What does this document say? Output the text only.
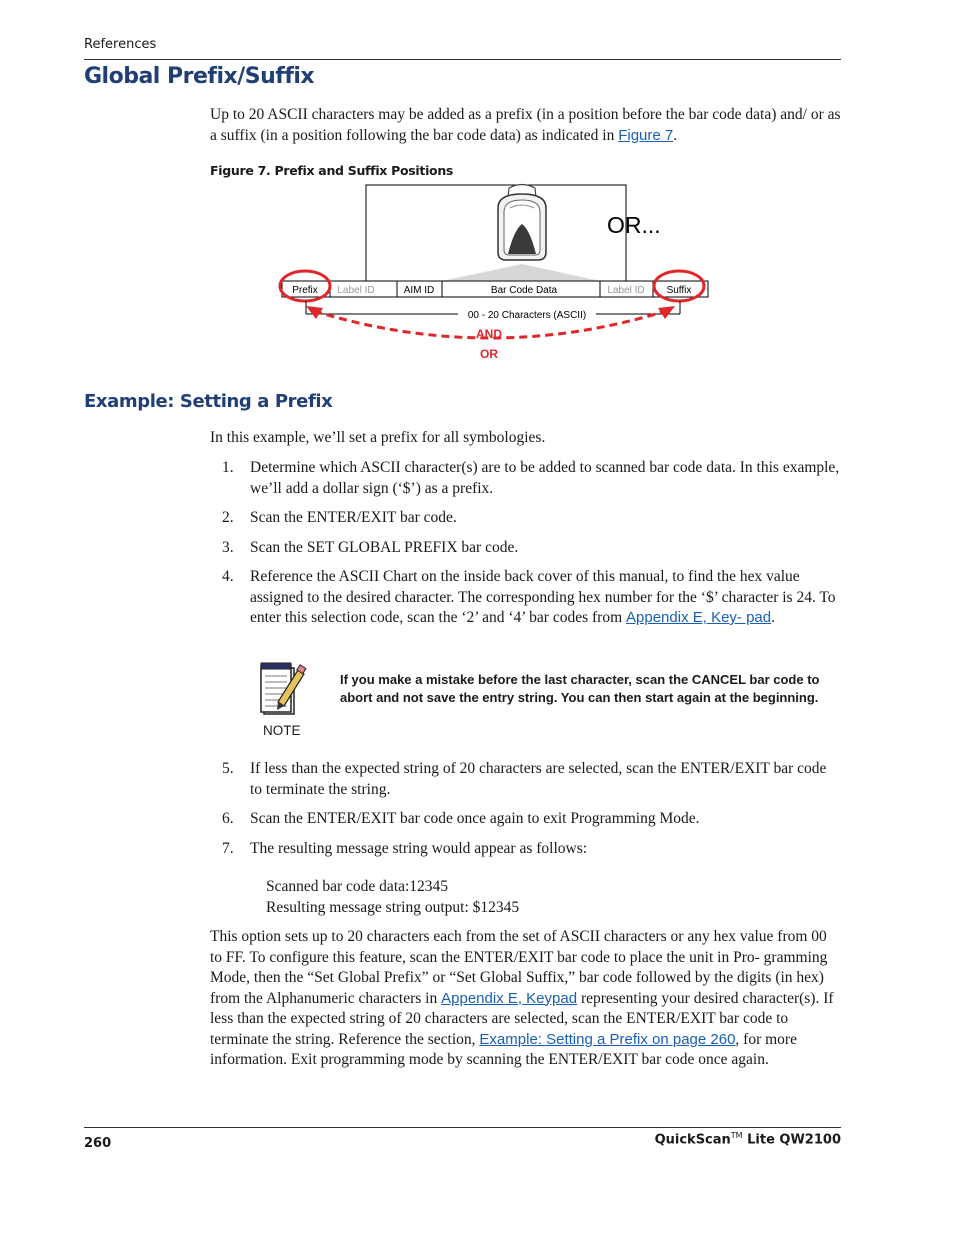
References
Global Prefix/Suffix
Up to 20 ASCII characters may be added as a prefix (in a position before the bar code data) and/ or as a suffix (in a position following the bar code data) as indicated in Figure 7.
Figure 7. Prefix and Suffix Positions
OR...
Prefix Label ID	AIM ID	Bar Code Data	Label ID Suffix
00 - 20 Characters (ASCII)
AND
OR
Example: Setting a Prefix
In this example, we’ll set a prefix for all symbologies.
1. Determine which ASCII character(s) are to be added to scanned bar code data. In this example, we’ll add a dollar sign (‘$’) as a prefix.
2. Scan the ENTER/EXIT bar code.
3. Scan the SET GLOBAL PREFIX bar code.
4. Reference the ASCII Chart on the inside back cover of this manual, to find the hex value assigned to the desired character. The corresponding hex number for the ‘$’ character is 24. To enter this selection code, scan the ‘2’ and ‘4’ bar codes from Appendix E, Key- pad.
NOTE
If you make a mistake before the last character, scan the CANCEL bar code to abort and not save the entry string. You can then start again at the beginning.
5. If less than the expected string of 20 characters are selected, scan the ENTER/EXIT bar code to terminate the string.
6. Scan the ENTER/EXIT bar code once again to exit Programming Mode.
7. The resulting message string would appear as follows:
Scanned bar code data:12345
Resulting message string output: $12345
This option sets up to 20 characters each from the set of ASCII characters or any hex value from 00 to FF. To configure this feature, scan the ENTER/EXIT bar code to place the unit in Pro- gramming Mode, then the “Set Global Prefix” or “Set Global Suffix,” bar code followed by the digits (in hex) from the Alphanumeric characters in Appendix E, Keypad representing your desired character(s). If less than the expected string of 20 characters are selected, scan the ENTER/EXIT bar code to terminate the string. Reference the section, Example: Setting a Prefix on page 260, for more information. Exit programming mode by scanning the ENTER/EXIT bar code once again.
260	QuickScan™ Lite QW2100
